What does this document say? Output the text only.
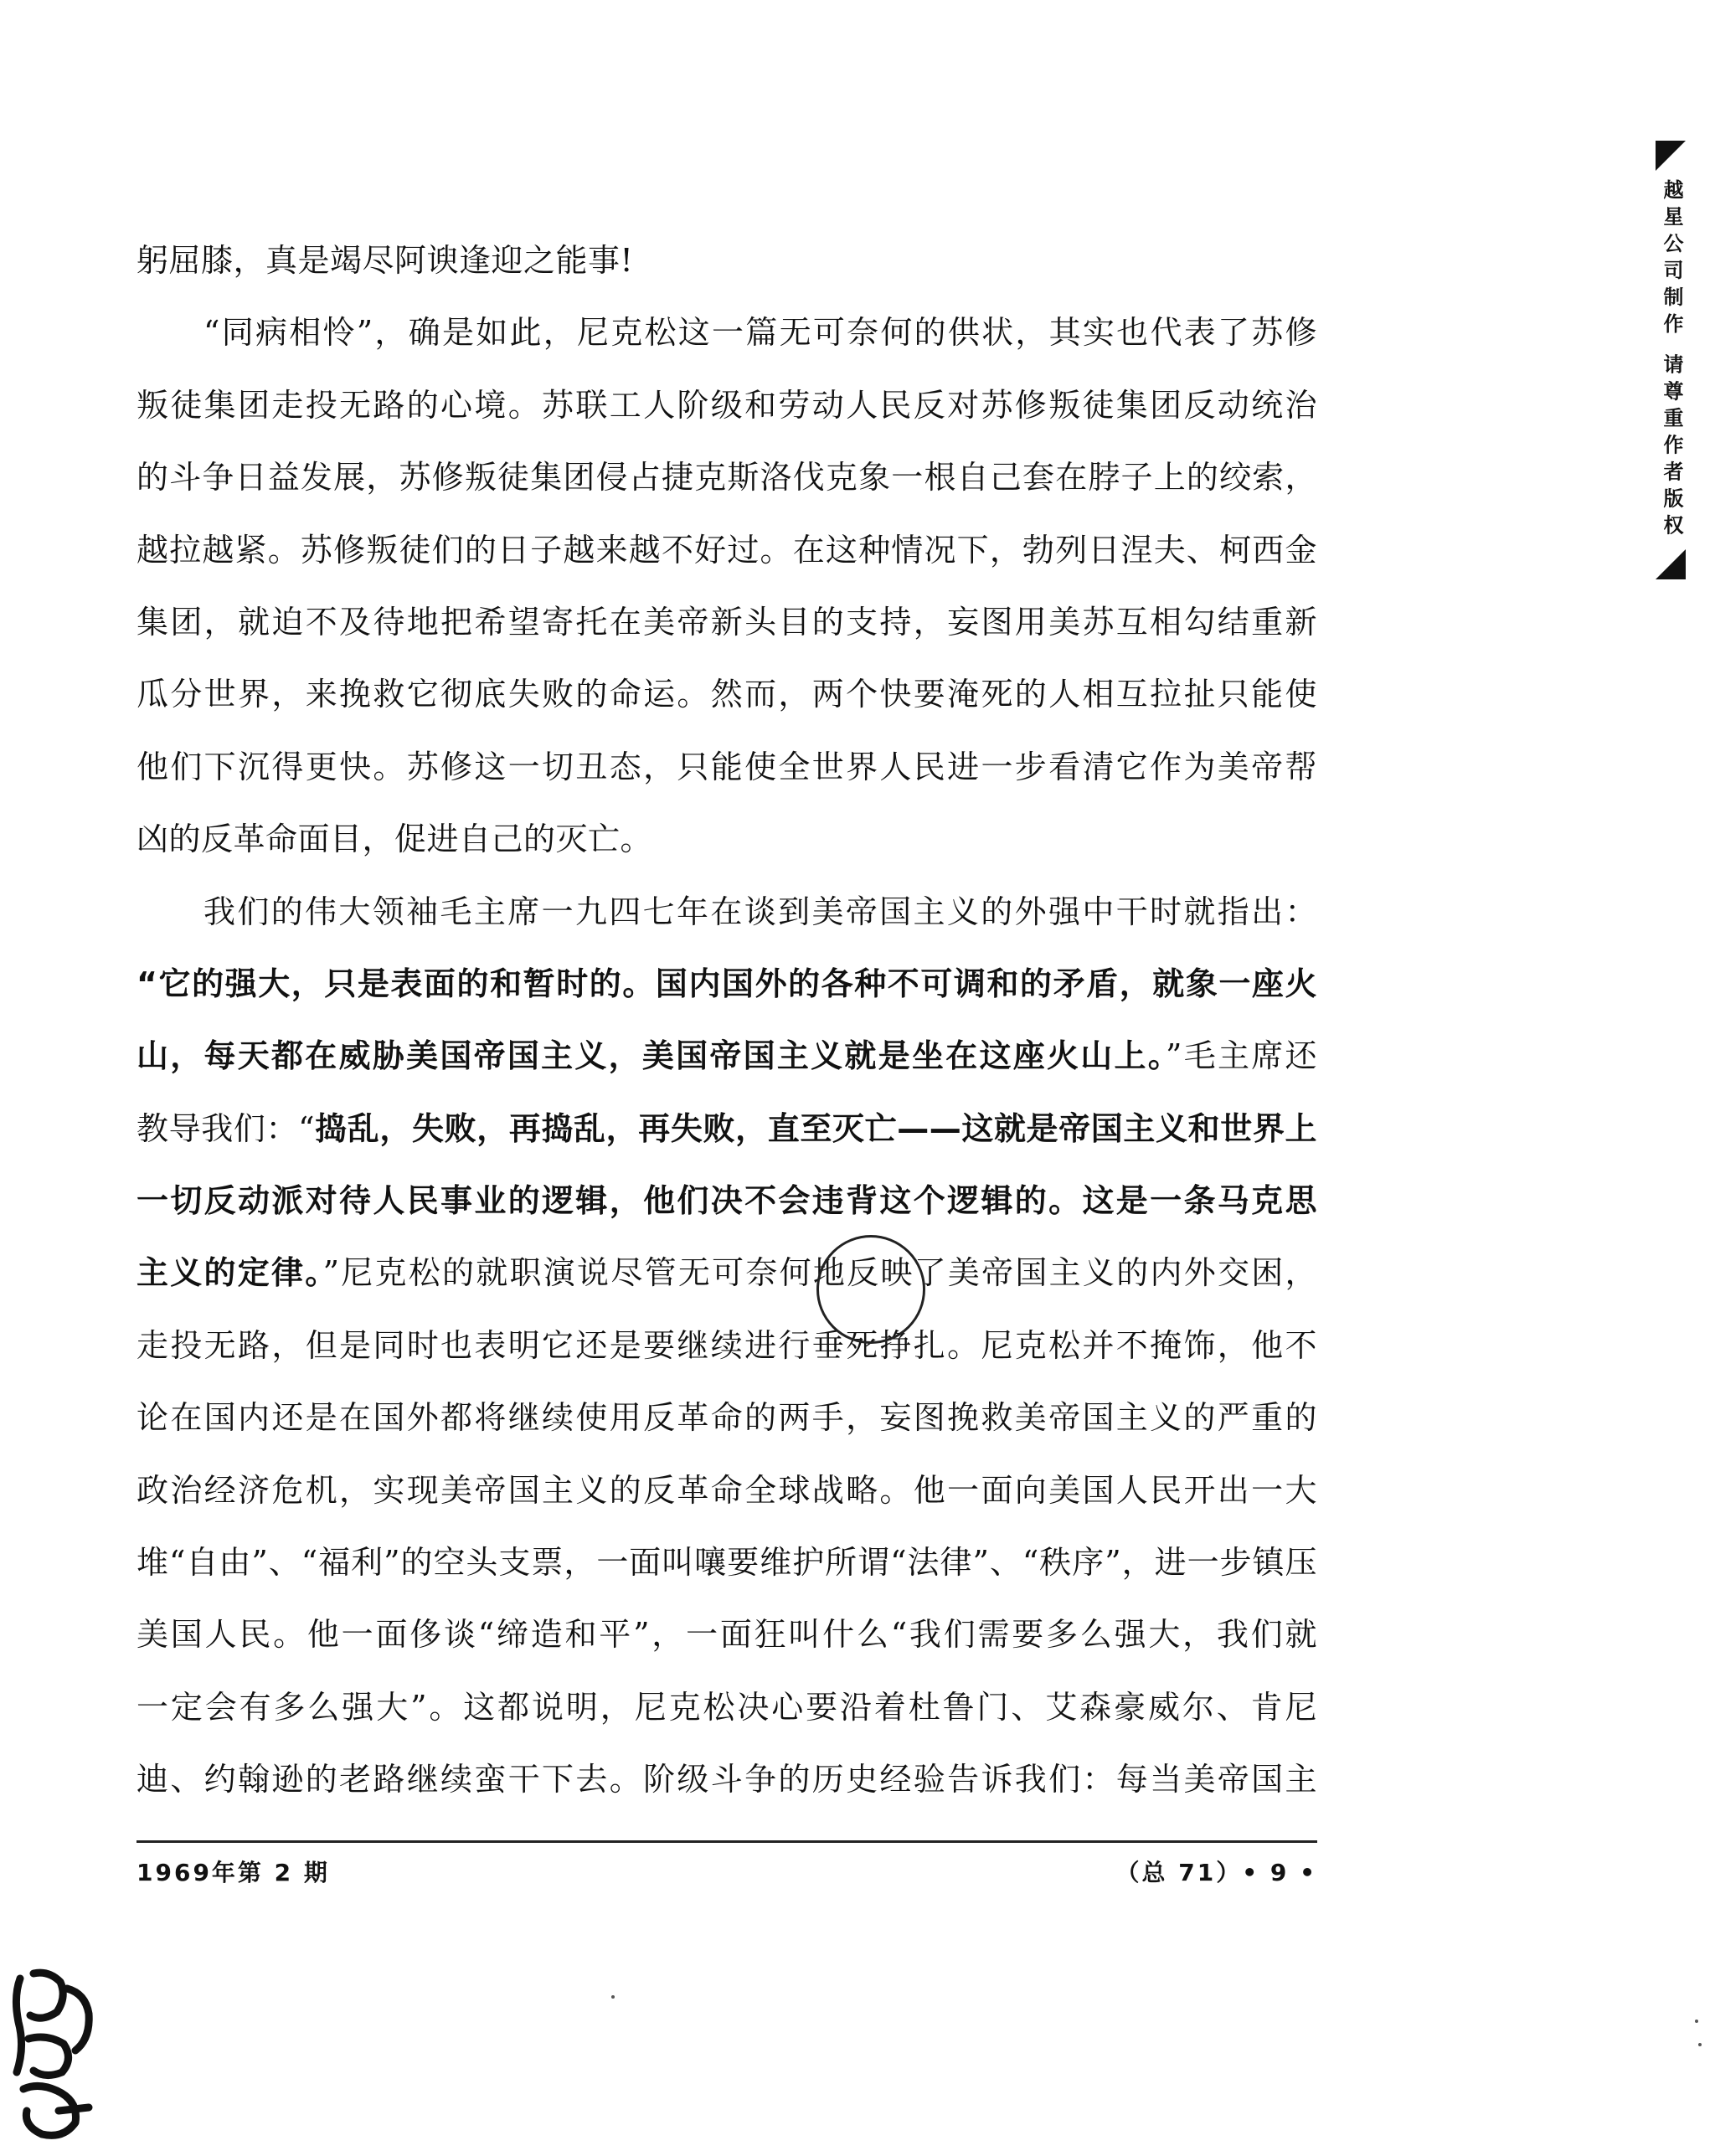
躬屈膝，真是竭尽阿谀逢迎之能事!
“同病相怜”，确是如此，尼克松这一篇无可奈何的供状，其实也代表了苏修
叛徒集团走投无路的心境。苏联工人阶级和劳动人民反对苏修叛徒集团反动统治
的斗争日益发展，苏修叛徒集团侵占捷克斯洛伐克象一根自己套在脖子上的绞索，
越拉越紧。苏修叛徒们的日子越来越不好过。在这种情况下，勃列日涅夫、柯西金
集团，就迫不及待地把希望寄托在美帝新头目的支持，妄图用美苏互相勾结重新
瓜分世界，来挽救它彻底失败的命运。然而，两个快要淹死的人相互拉扯只能使
他们下沉得更快。苏修这一切丑态，只能使全世界人民进一步看清它作为美帝帮
凶的反革命面目，促进自己的灭亡。
我们的伟大领袖毛主席一九四七年在谈到美帝国主义的外强中干时就指出：
“它的强大，只是表面的和暂时的。国内国外的各种不可调和的矛盾，就象一座火
山，每天都在威胁美国帝国主义，美国帝国主义就是坐在这座火山上。”毛主席还
教导我们：“捣乱，失败，再捣乱，再失败，直至灭亡——这就是帝国主义和世界上
一切反动派对待人民事业的逻辑，他们决不会违背这个逻辑的。这是一条马克思
主义的定律。”尼克松的就职演说尽管无可奈何地反映了美帝国主义的内外交困，
走投无路，但是同时也表明它还是要继续进行垂死挣扎。尼克松并不掩饰，他不
论在国内还是在国外都将继续使用反革命的两手，妄图挽救美帝国主义的严重的
政治经济危机，实现美帝国主义的反革命全球战略。他一面向美国人民开出一大
堆“自由”、“福利”的空头支票，一面叫嚷要维护所谓“法律”、“秩序”，进一步镇压
美国人民。他一面侈谈“缔造和平”，一面狂叫什么“我们需要多么强大，我们就
一定会有多么强大”。这都说明，尼克松决心要沿着杜鲁门、艾森豪威尔、肯尼
迪、约翰逊的老路继续蛮干下去。阶级斗争的历史经验告诉我们：每当美帝国主
1969年第 2 期	（总 71）• 9 •
越星公司制作 请尊重作者版权
